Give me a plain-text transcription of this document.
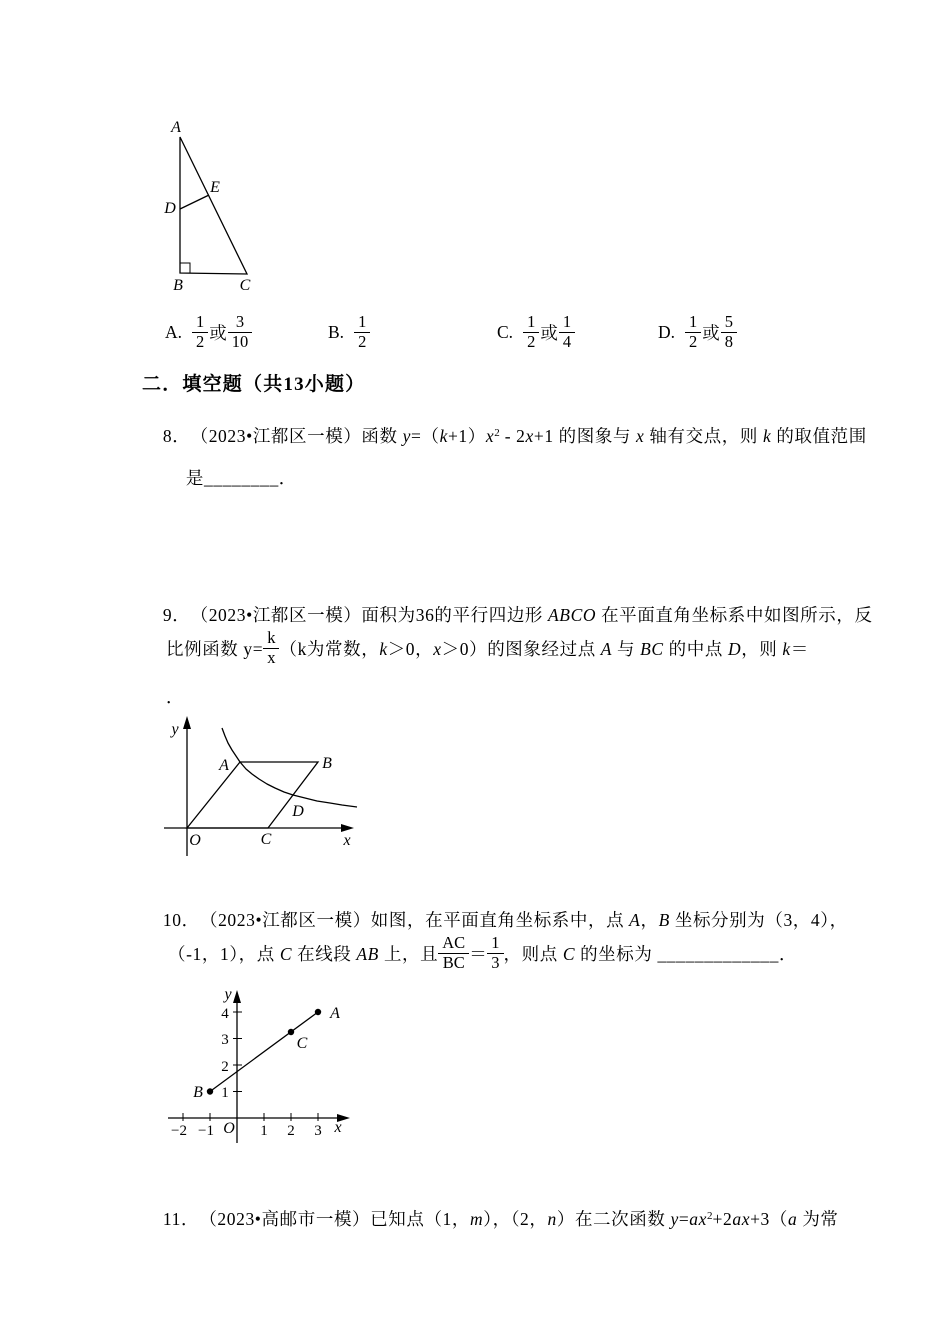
A
B	C
D
E
A. $\frac{1}{2}$ 或 $\frac{3}{10}$	B. $\frac{1}{2}$	C. $\frac{1}{2}$ 或 $\frac{1}{4}$	D. $\frac{1}{2}$ 或 $\frac{5}{8}$
二．填空题（共13小题）

8． （2023•江都区一模）函数 $y=(k+1)x^2 - 2x+1$ 的图象与 x 轴有交点，则 k 的取值范围

是________．

9． （2023•江都区一模）面积为36的平行四边形 ABCO 在平面直角坐标系中如图所示，反

比例函数 $y= \frac{k}{x} (k$为常数，k＞0，x＞0）的图象经过点 A 与 BC 的中点 D，则 k＝
．
O
A	B
C
D
x
y

10． （2023•江都区一模）如图，在平面直角坐标系中，点 A，B 坐标分别为（3，4），

（-1，1），点 C 在线段 AB 上，且 $\frac{AC}{BC} = \frac{1}{3}$ ，则点 C 的坐标为 _____________．
−2 −1	1 2 3
1
2
3
4
O
A
B
C
x
y

11． （2023•高邮市一模）已知点（1，m），（2，n）在二次函数 $y=ax^2+2ax+3(a$ 为常
